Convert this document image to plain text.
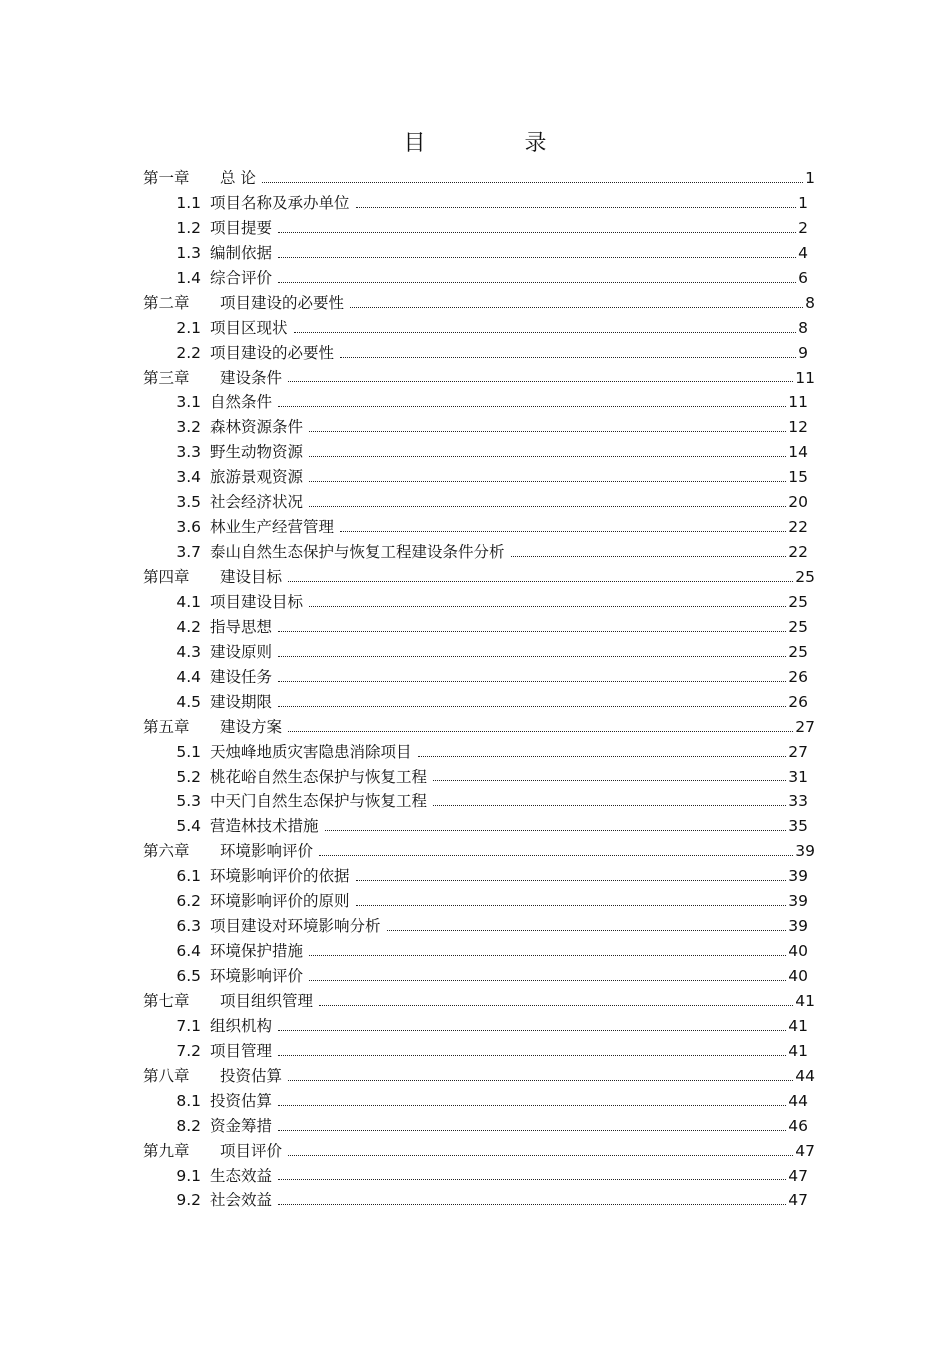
目 录
第一章	总 论	1
1.1 项目名称及承办单位	1
1.2 项目提要	2
1.3 编制依据	4
1.4 综合评价	6
第二章	项目建设的必要性	8
2.1 项目区现状	8
2.2 项目建设的必要性	9
第三章	建设条件	11
3.1 自然条件	11
3.2 森林资源条件	12
3.3 野生动物资源	14
3.4 旅游景观资源	15
3.5 社会经济状况	20
3.6 林业生产经营管理	22
3.7 泰山自然生态保护与恢复工程建设条件分析	22
第四章	建设目标	25
4.1 项目建设目标	25
4.2 指导思想	25
4.3 建设原则	25
4.4 建设任务	26
4.5 建设期限	26
第五章	建设方案	27
5.1 天烛峰地质灾害隐患消除项目	27
5.2 桃花峪自然生态保护与恢复工程	31
5.3 中天门自然生态保护与恢复工程	33
5.4 营造林技术措施	35
第六章	环境影响评价	39
6.1 环境影响评价的依据	39
6.2 环境影响评价的原则	39
6.3 项目建设对环境影响分析	39
6.4 环境保护措施	40
6.5 环境影响评价	40
第七章	项目组织管理	41
7.1 组织机构	41
7.2 项目管理	41
第八章	投资估算	44
8.1 投资估算	44
8.2 资金筹措	46
第九章	项目评价	47
9.1 生态效益	47
9.2 社会效益	47
